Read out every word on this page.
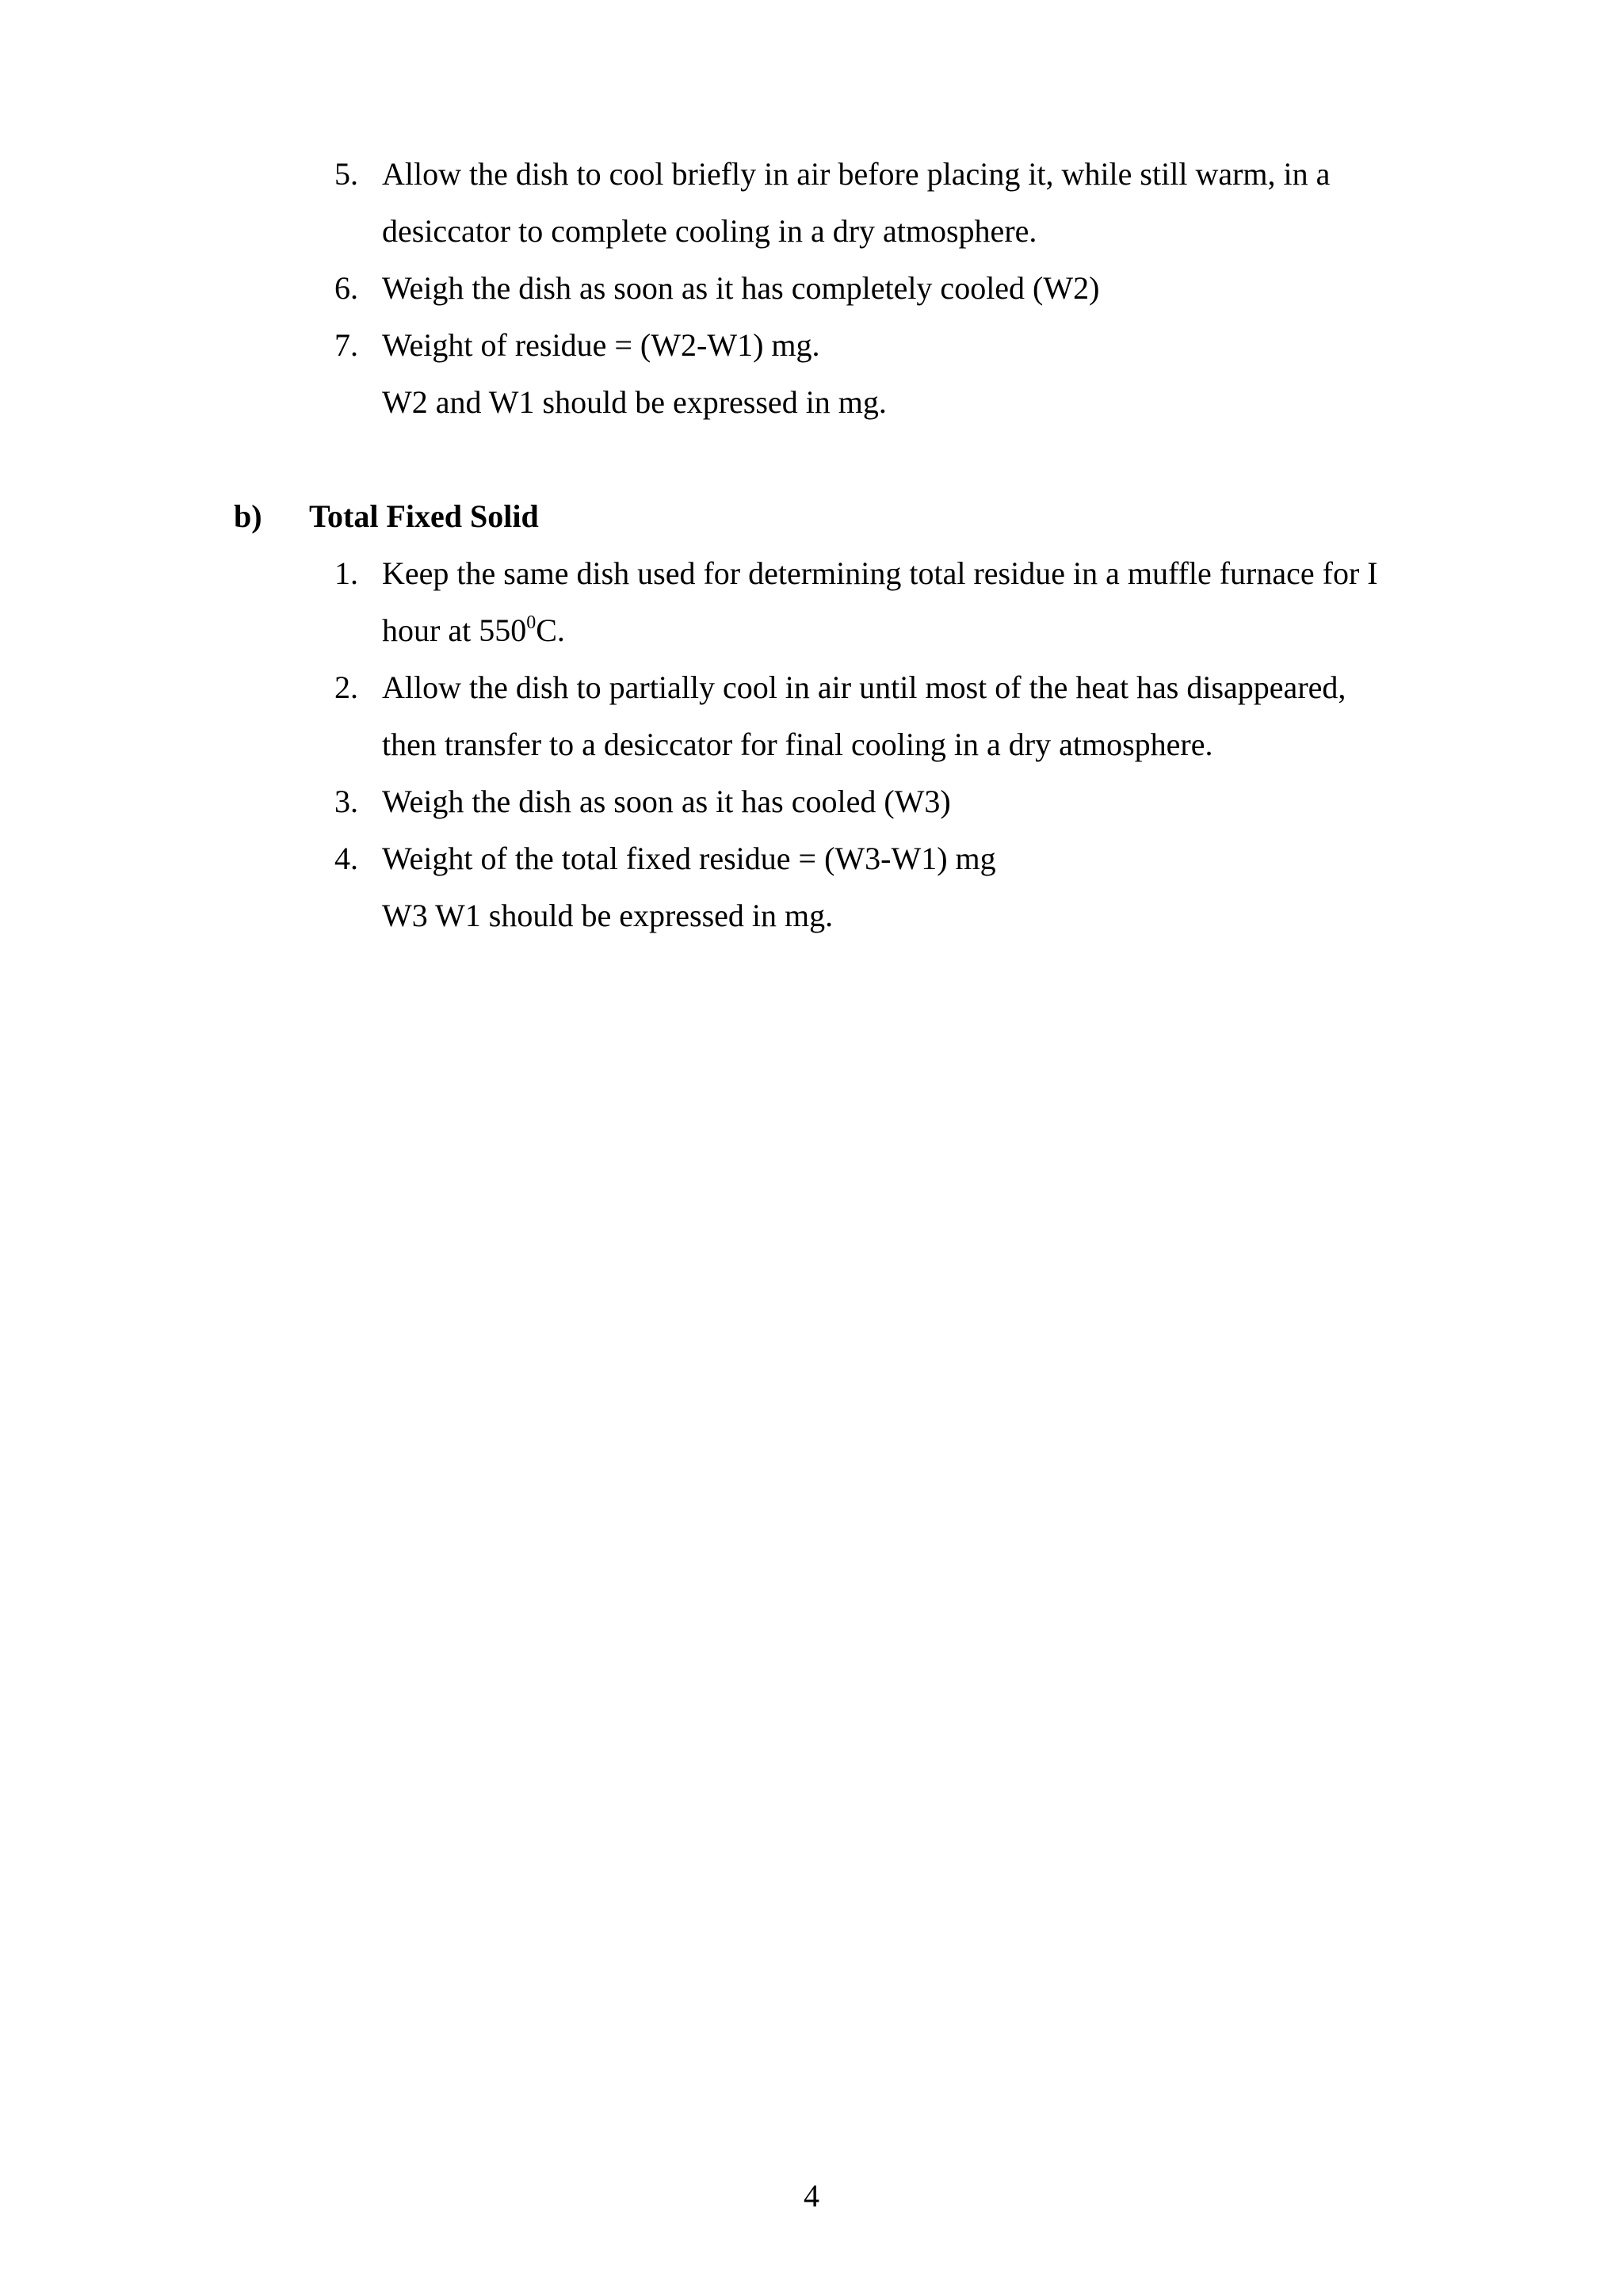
5. Allow the dish to cool briefly in air before placing it, while still warm, in a
desiccator to complete cooling in a dry atmosphere.
6. Weigh the dish as soon as it has completely cooled (W2)
7. Weight of residue = (W2-W1) mg.
W2 and W1 should be expressed in mg.
b) Total Fixed Solid
1. Keep the same dish used for determining total residue in a muffle furnace for I
hour at $550^0C$.
2. Allow the dish to partially cool in air until most of the heat has disappeared,
then transfer to a desiccator for final cooling in a dry atmosphere.
3. Weigh the dish as soon as it has cooled (W3)
4. Weight of the total fixed residue = (W3-W1) mg
W3 W1 should be expressed in mg.
4
